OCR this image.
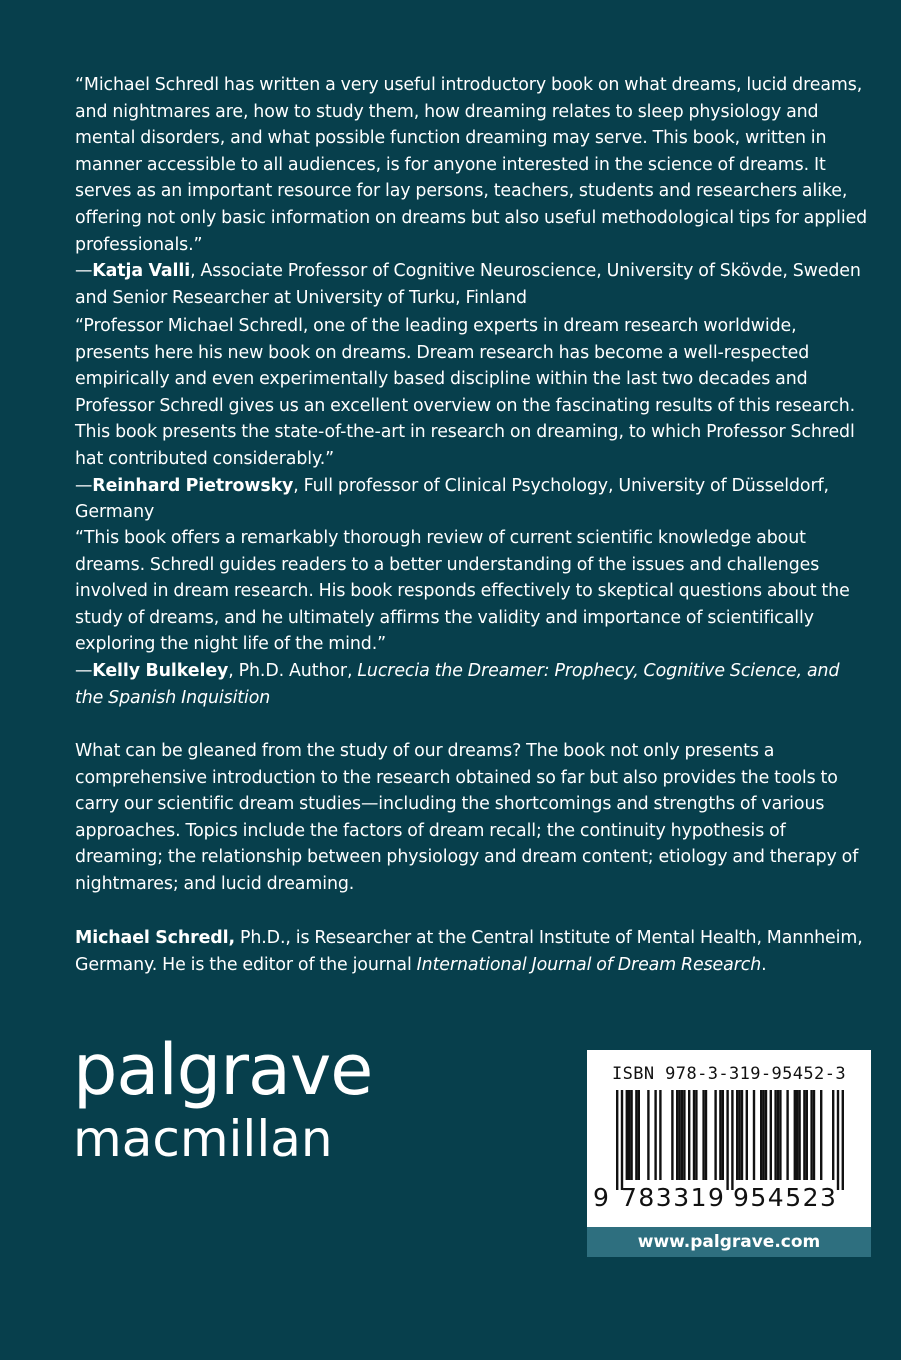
“Michael Schredl has written a very useful introductory book on what dreams, lucid dreams, and nightmares are, how to study them, how dreaming relates to sleep physiology and mental disorders, and what possible function dreaming may serve. This book, written in manner accessible to all audiences, is for anyone interested in the science of dreams. It serves as an important resource for lay persons, teachers, students and researchers alike, offering not only basic information on dreams but also useful methodological tips for applied professionals.”
—Katja Valli, Associate Professor of Cognitive Neuroscience, University of Skövde, Sweden and Senior Researcher at University of Turku, Finland

“Professor Michael Schredl, one of the leading experts in dream research worldwide, presents here his new book on dreams. Dream research has become a well-respected empirically and even experimentally based discipline within the last two decades and Professor Schredl gives us an excellent overview on the fascinating results of this research. This book presents the state-of-the-art in research on dreaming, to which Professor Schredl hat contributed considerably.”
—Reinhard Pietrowsky, Full professor of Clinical Psychology, University of Düsseldorf, Germany

“This book offers a remarkably thorough review of current scientific knowledge about dreams. Schredl guides readers to a better understanding of the issues and challenges involved in dream research. His book responds effectively to skeptical questions about the study of dreams, and he ultimately affirms the validity and importance of scientifically exploring the night life of the mind.”
—Kelly Bulkeley, Ph.D. Author, Lucrecia the Dreamer: Prophecy, Cognitive Science, and the Spanish Inquisition

What can be gleaned from the study of our dreams? The book not only presents a comprehensive introduction to the research obtained so far but also provides the tools to carry our scientific dream studies—including the shortcomings and strengths of various approaches. Topics include the factors of dream recall; the continuity hypothesis of dreaming; the relationship between physiology and dream content; etiology and therapy of nightmares; and lucid dreaming.

Michael Schredl, Ph.D., is Researcher at the Central Institute of Mental Health, Mannheim, Germany. He is the editor of the journal International Journal of Dream Research.

palgrave
macmillan
ISBN 978-3-319-95452-3
9 783319 954523
www.palgrave.com
